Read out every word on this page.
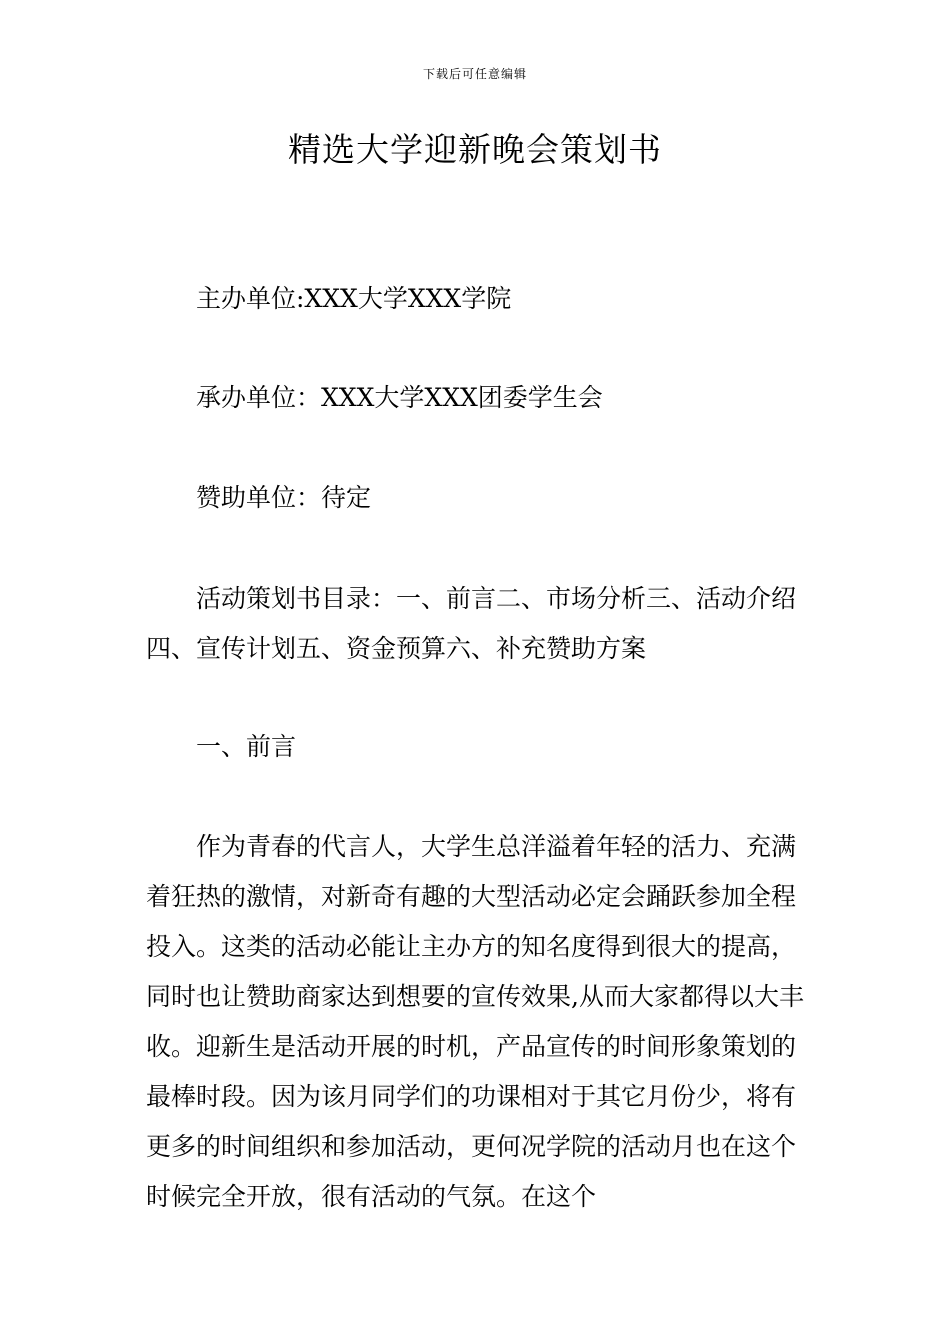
下载后可任意编辑
精选大学迎新晚会策划书

主办单位:XXX大学XXX学院

承办单位：XXX大学XXX团委学生会

赞助单位：待定

活动策划书目录：一、前言二、市场分析三、活动介绍四、宣传计划五、资金预算六、补充赞助方案

一、前言

作为青春的代言人，大学生总洋溢着年轻的活力、充满着狂热的激情，对新奇有趣的大型活动必定会踊跃参加全程投入。这类的活动必能让主办方的知名度得到很大的提高，同时也让赞助商家达到想要的宣传效果,从而大家都得以大丰收。迎新生是活动开展的时机，产品宣传的时间形象策划的最棒时段。因为该月同学们的功课相对于其它月份少，将有更多的时间组织和参加活动，更何况学院的活动月也在这个时候完全开放，很有活动的气氛。在这个
